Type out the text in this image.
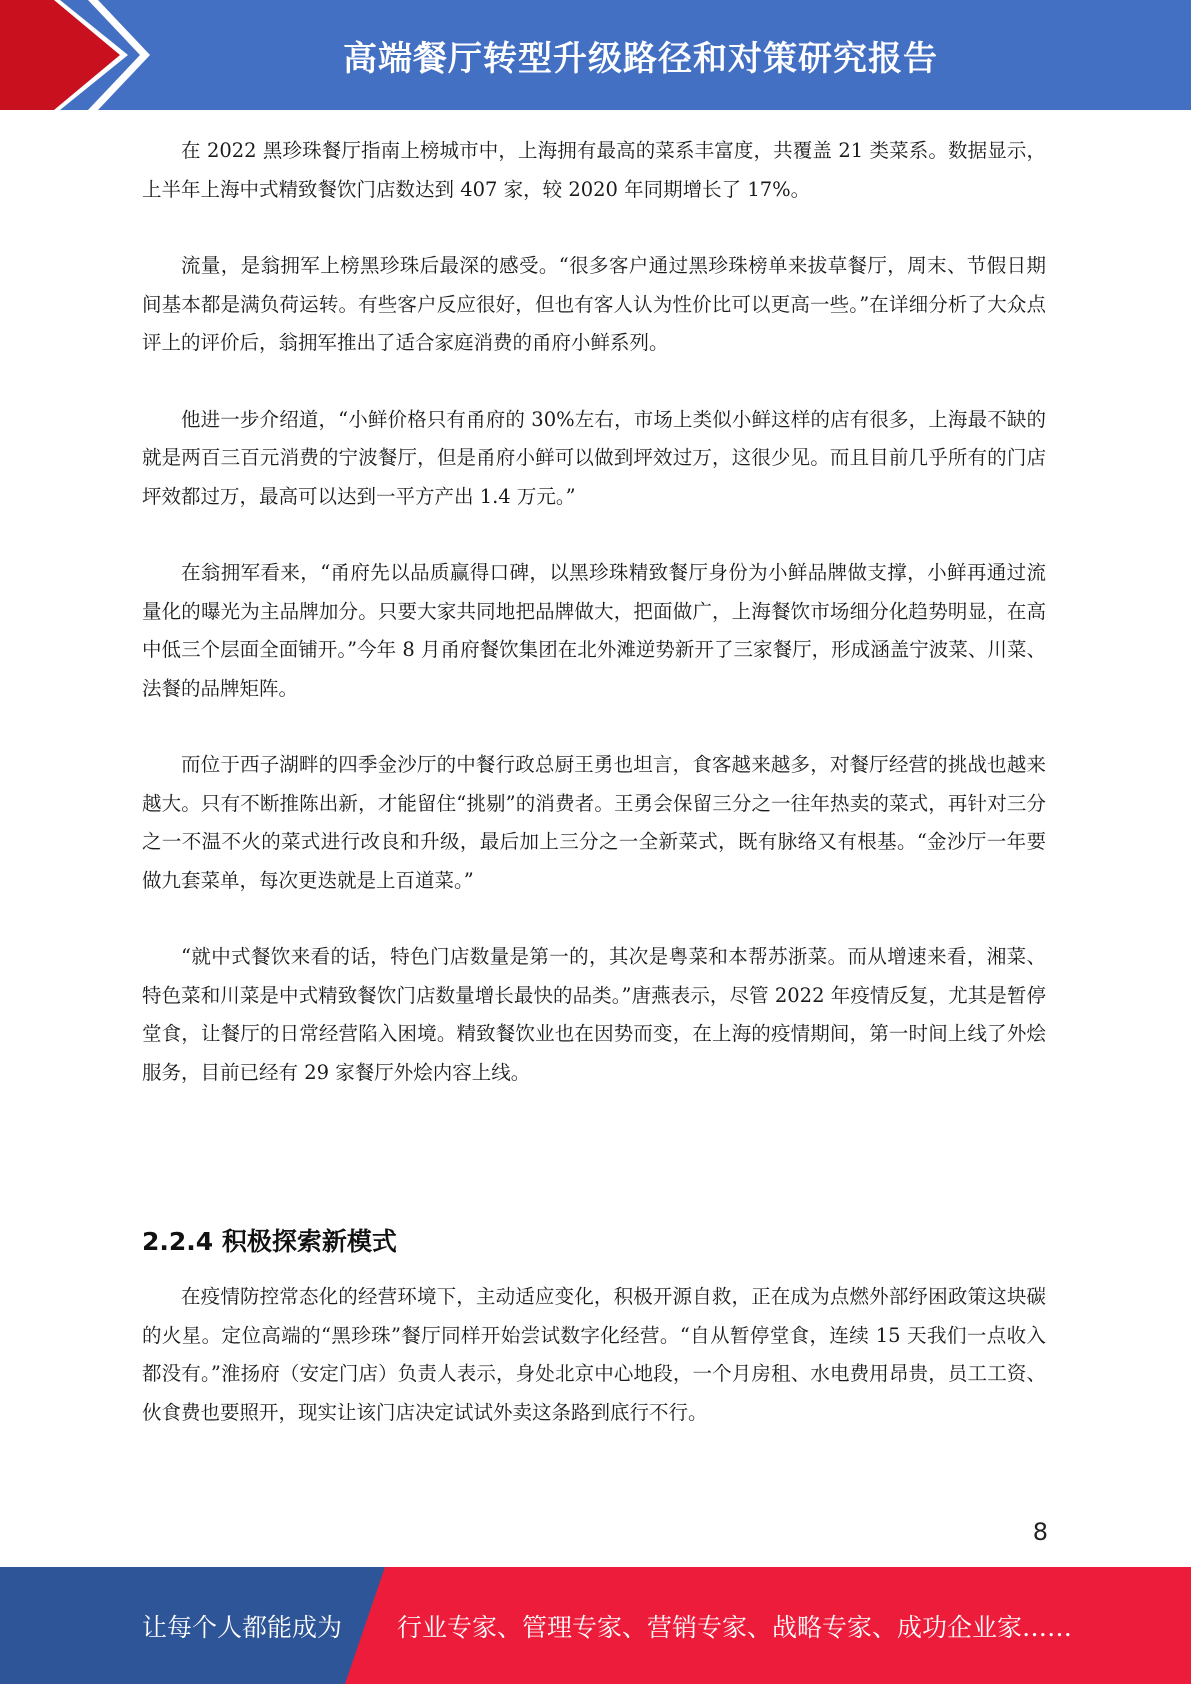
高端餐厅转型升级路径和对策研究报告

在 2022 黑珍珠餐厅指南上榜城市中，上海拥有最高的菜系丰富度，共覆盖 21 类菜系。数据显示，上半年上海中式精致餐饮门店数达到 407 家，较 2020 年同期增长了 17%。

流量，是翁拥军上榜黑珍珠后最深的感受。“很多客户通过黑珍珠榜单来拔草餐厅，周末、节假日期间基本都是满负荷运转。有些客户反应很好，但也有客人认为性价比可以更高一些。”在详细分析了大众点评上的评价后，翁拥军推出了适合家庭消费的甬府小鲜系列。

他进一步介绍道，“小鲜价格只有甬府的 30%左右，市场上类似小鲜这样的店有很多，上海最不缺的就是两百三百元消费的宁波餐厅，但是甬府小鲜可以做到坪效过万，这很少见。而且目前几乎所有的门店坪效都过万，最高可以达到一平方产出 1.4 万元。”

在翁拥军看来，“甬府先以品质赢得口碑，以黑珍珠精致餐厅身份为小鲜品牌做支撑，小鲜再通过流量化的曝光为主品牌加分。只要大家共同地把品牌做大，把面做广，上海餐饮市场细分化趋势明显，在高中低三个层面全面铺开。”今年 8 月甬府餐饮集团在北外滩逆势新开了三家餐厅，形成涵盖宁波菜、川菜、法餐的品牌矩阵。

而位于西子湖畔的四季金沙厅的中餐行政总厨王勇也坦言，食客越来越多，对餐厅经营的挑战也越来越大。只有不断推陈出新，才能留住“挑剔”的消费者。王勇会保留三分之一往年热卖的菜式，再针对三分之一不温不火的菜式进行改良和升级，最后加上三分之一全新菜式，既有脉络又有根基。“金沙厅一年要做九套菜单，每次更迭就是上百道菜。”

“就中式餐饮来看的话，特色门店数量是第一的，其次是粤菜和本帮苏浙菜。而从增速来看，湘菜、特色菜和川菜是中式精致餐饮门店数量增长最快的品类。”唐燕表示，尽管 2022 年疫情反复，尤其是暂停堂食，让餐厅的日常经营陷入困境。精致餐饮业也在因势而变，在上海的疫情期间，第一时间上线了外烩服务，目前已经有 29 家餐厅外烩内容上线。

2.2.4 积极探索新模式

在疫情防控常态化的经营环境下，主动适应变化，积极开源自救，正在成为点燃外部纾困政策这块碳的火星。定位高端的“黑珍珠”餐厅同样开始尝试数字化经营。“自从暂停堂食，连续 15 天我们一点收入都没有。”淮扬府（安定门店）负责人表示，身处北京中心地段，一个月房租、水电费用昂贵，员工工资、伙食费也要照开，现实让该门店决定试试外卖这条路到底行不行。

8
让每个人都能成为 行业专家、管理专家、营销专家、战略专家、成功企业家……
